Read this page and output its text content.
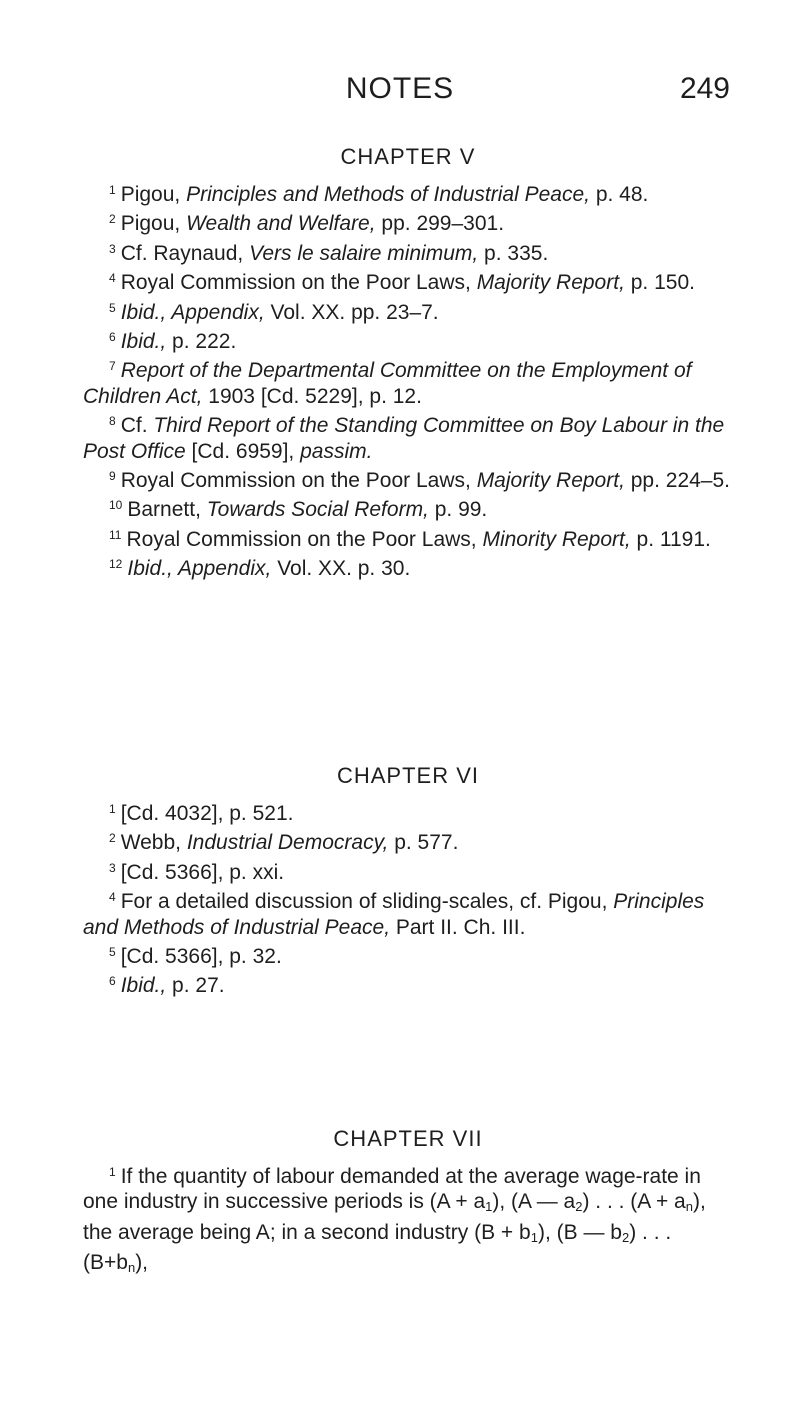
NOTES	249
CHAPTER V

$^1$ Pigou, Principles and Methods of Industrial Peace, p. 48.

$^2$ Pigou, Wealth and Welfare, pp. 299–301.

$^3$ Cf. Raynaud, Vers le salaire minimum, p. 335.

$^4$ Royal Commission on the Poor Laws, Majority Report, p. 150.

$^5$ Ibid., Appendix, Vol. XX. pp. 23–7.

$^6$ Ibid., p. 222.

$^7$ Report of the Departmental Committee on the Employment of Children Act, 1903 [Cd. 5229], p. 12.

$^8$ Cf. Third Report of the Standing Committee on Boy Labour in the Post Office [Cd. 6959], passim.

$^9$ Royal Commission on the Poor Laws, Majority Report, pp. 224–5.

$^{10}$ Barnett, Towards Social Reform, p. 99.

$^{11}$ Royal Commission on the Poor Laws, Minority Report, p. 1191.

$^{12}$ Ibid., Appendix, Vol. XX. p. 30.

CHAPTER VI

$^1$ [Cd. 4032], p. 521.

$^2$ Webb, Industrial Democracy, p. 577.

$^3$ [Cd. 5366], p. xxi.

$^4$ For a detailed discussion of sliding-scales, cf. Pigou, Principles and Methods of Industrial Peace, Part II. Ch. III.

$^5$ [Cd. 5366], p. 32.

$^6$ Ibid., p. 27.

CHAPTER VII

$^1$ If the quantity of labour demanded at the average wage-rate in one industry in successive periods is $(A + a_1)$, (A — $a_2$) . . . $(A + a_n)$, the average being A; in a second industry $(B + b_1)$, (B — $b_2$) . . . $(B+b_n)$,
